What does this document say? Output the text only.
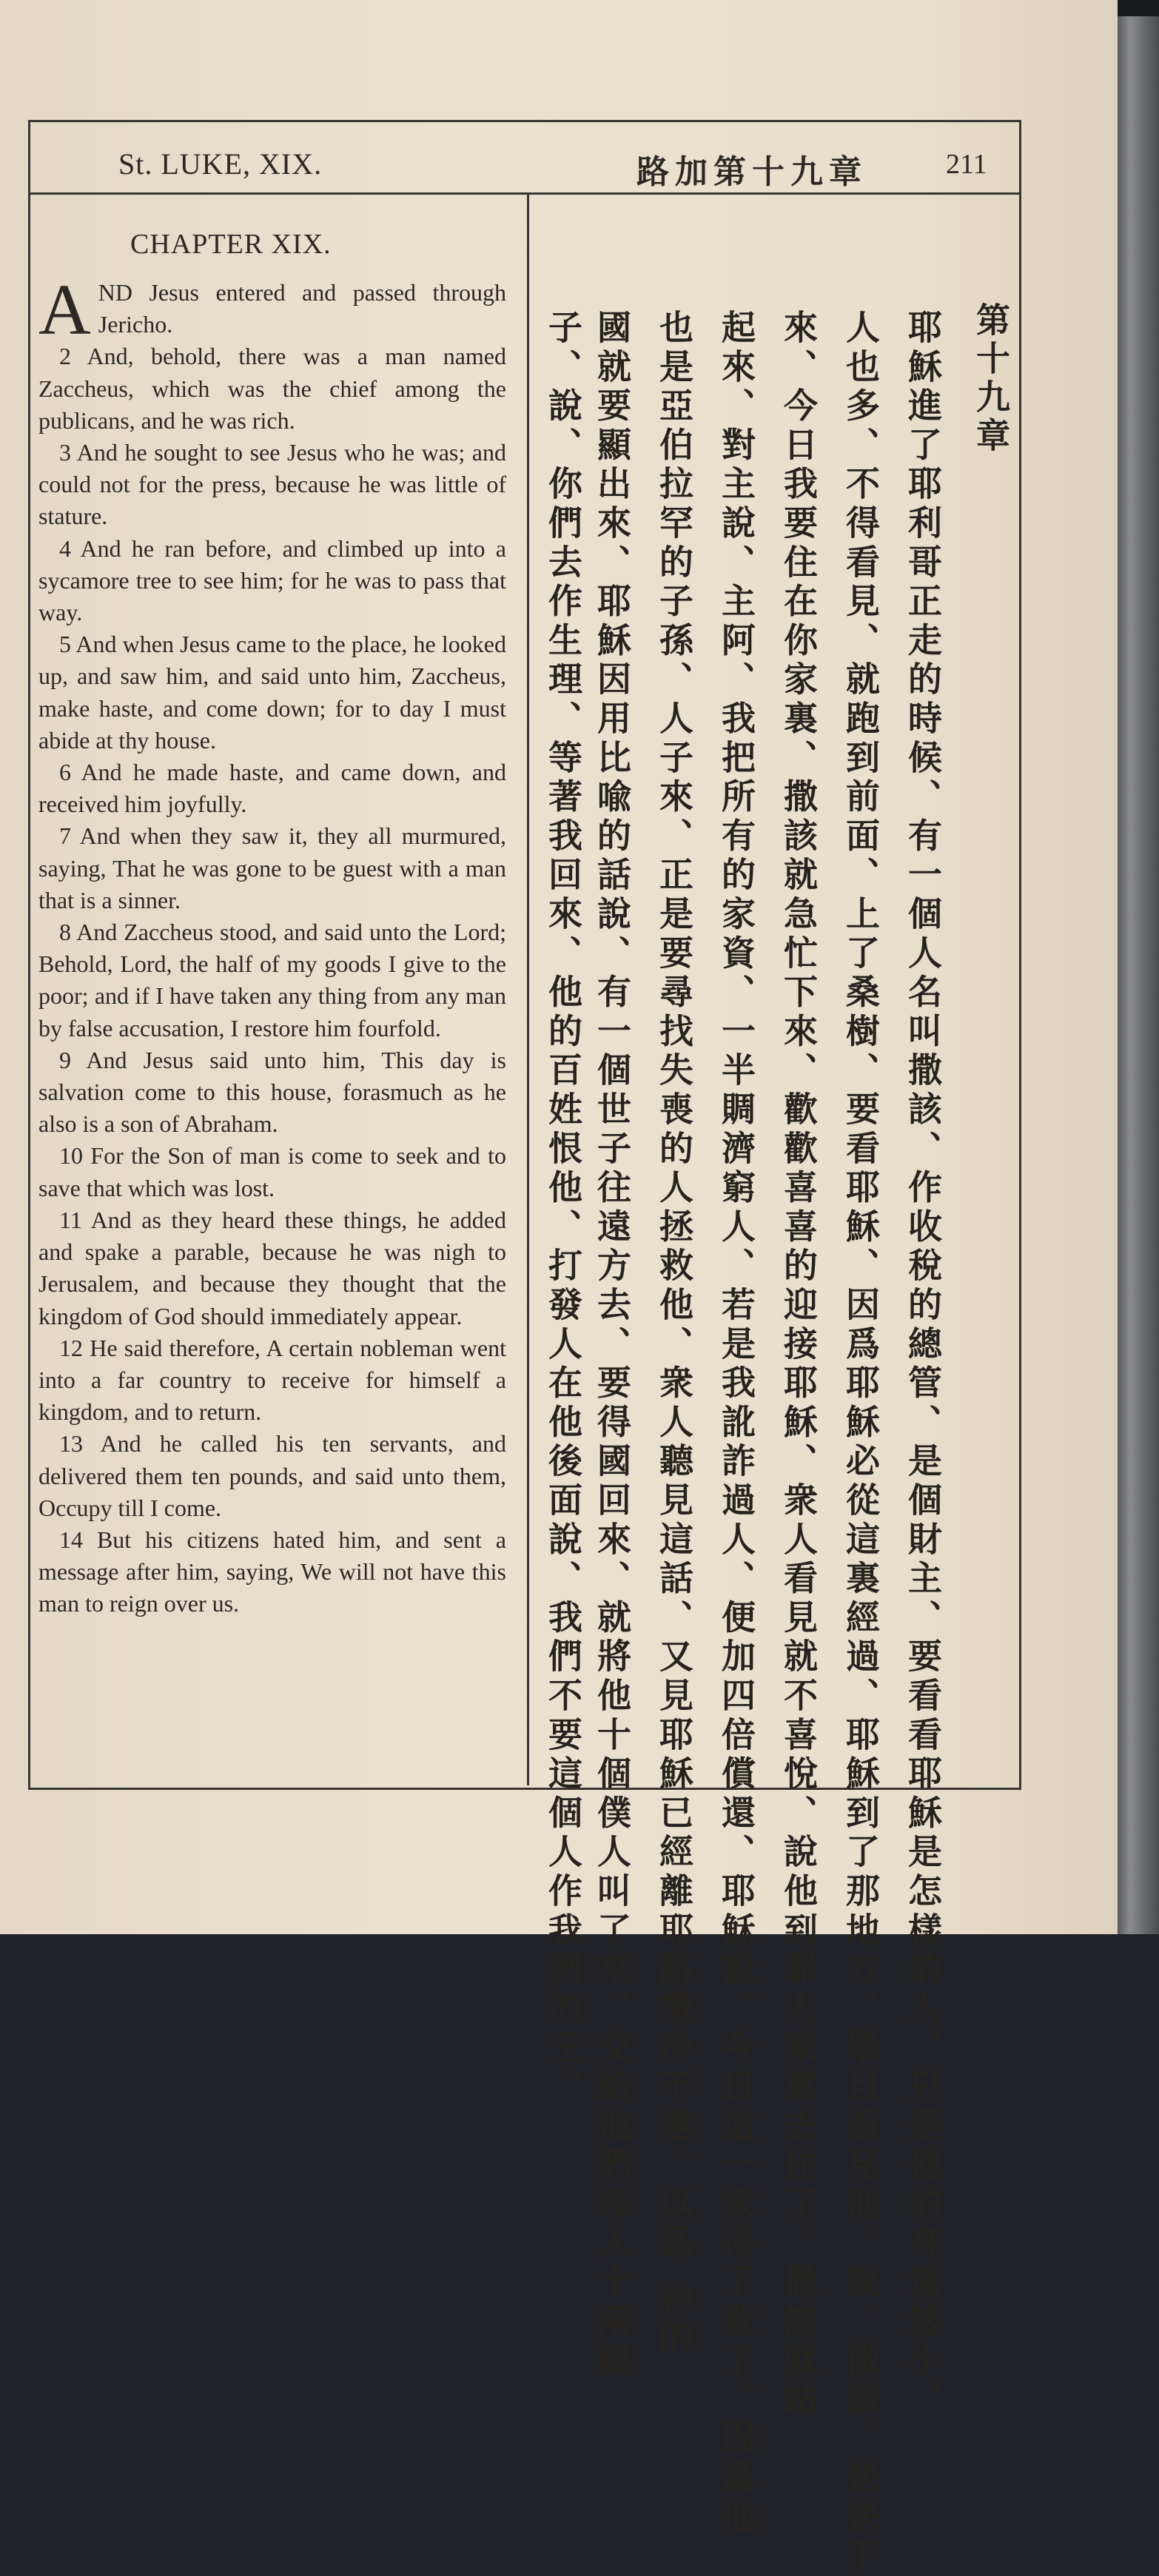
St. LUKE, XIX.	路加第十九章	211
CHAPTER XIX.

AND Jesus entered and passed through Jericho.

2 And, behold, there was a man named Zaccheus, which was the chief among the publicans, and he was rich.

3 And he sought to see Jesus who he was; and could not for the press, because he was little of stature.

4 And he ran before, and climbed up into a sycamore tree to see him; for he was to pass that way.

5 And when Jesus came to the place, he looked up, and saw him, and said unto him, Zaccheus, make haste, and come down; for to day I must abide at thy house.

6 And he made haste, and came down, and received him joyfully.

7 And when they saw it, they all murmured, saying, That he was gone to be guest with a man that is a sinner.

8 And Zaccheus stood, and said unto the Lord; Behold, Lord, the half of my goods I give to the poor; and if I have taken any thing from any man by false accusation, I restore him fourfold.

9 And Jesus said unto him, This day is salvation come to this house, forasmuch as he also is a son of Abraham.

10 For the Son of man is come to seek and to save that which was lost.

11 And as they heard these things, he added and spake a parable, because he was nigh to Jerusalem, and because they thought that the kingdom of God should immediately appear.

12 He said therefore, A certain nobleman went into a far country to receive for himself a kingdom, and to return.

13 And he called his ten servants, and delivered them ten pounds, and said unto them, Occupy till I come.

14 But his citizens hated him, and sent a message after him, saying, We will not have this man to reign over us.

第十九章
耶穌進了耶利哥正走的時候、有一個人名叫撒該、作收稅的總管、是個財主、要看看耶穌是怎樣的人、只是他的身量矮小、
人也多、不得看見、就跑到前面、上了桑樹、要看耶穌、因爲耶穌必從這裏經過、耶穌到了那地方、舉目看見他、說、撒該、快快下
來、今日我要住在你家裏、撒該就急忙下來、歡歡喜喜的迎接耶穌、衆人看見就不喜悅、說他到罪人家裏去住了、撒該就站
起來、對主說、主阿、我把所有的家資、一半賙濟窮人、若是我訛詐過人、便加四倍償還、耶穌說、今日這一家得了救了、因爲他
也是亞伯拉罕的子孫、人子來、正是要尋找失喪的人拯救他、衆人聽見這話、又見耶穌已經離耶路撒冷不遠、以爲 神的
國就要顯出來、耶穌因用比喩的話說、有一個世子往遠方去、要得國回來、就將他十個僕人叫了來、交給他們每人十兩銀
子、說、你們去作生理、等著我回來、他的百姓恨他、打發人在他後面說、我們不要這個人作我們的王、
